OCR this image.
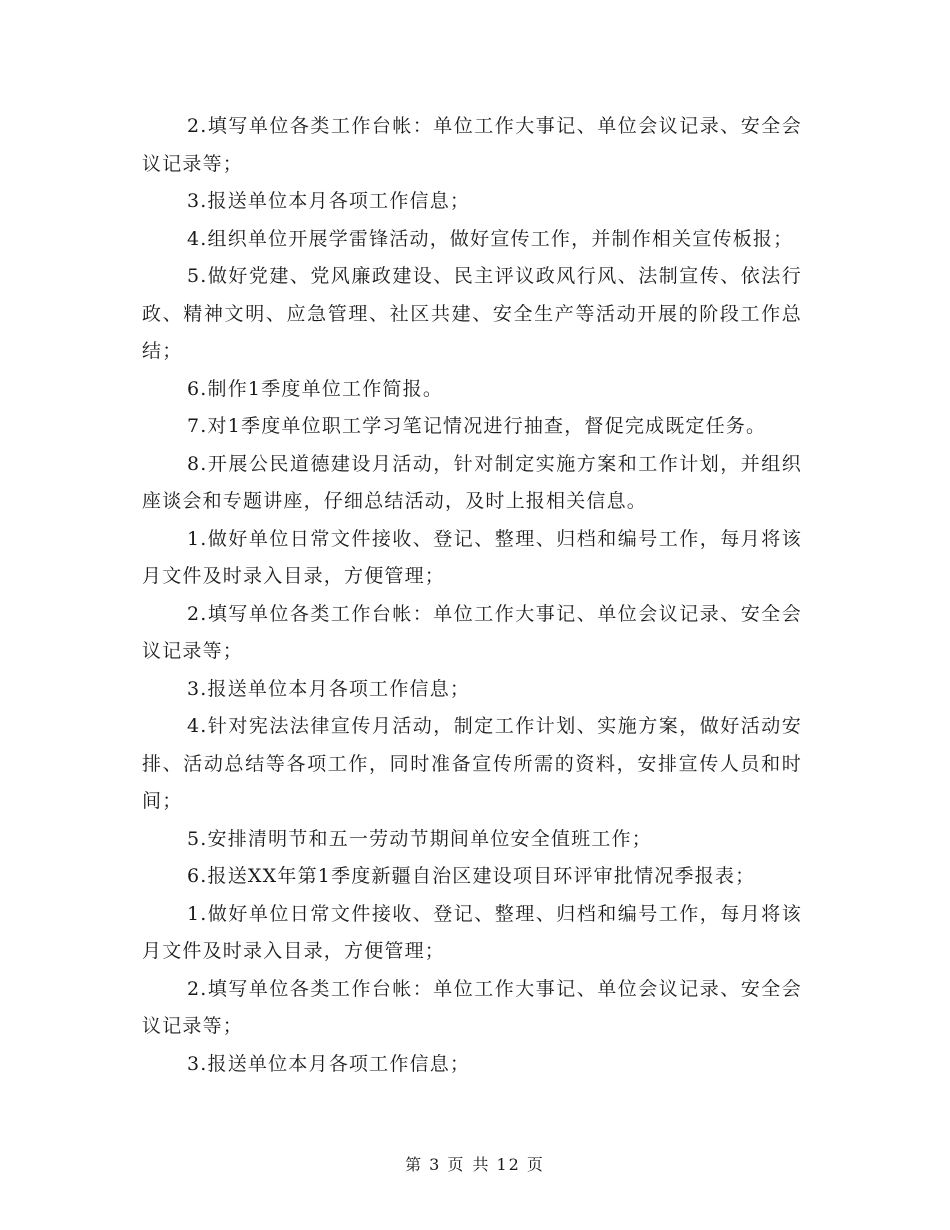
2.填写单位各类工作台帐：单位工作大事记、单位会议记录、安全会议记录等；

3.报送单位本月各项工作信息；

4.组织单位开展学雷锋活动，做好宣传工作，并制作相关宣传板报；

5.做好党建、党风廉政建设、民主评议政风行风、法制宣传、依法行政、精神文明、应急管理、社区共建、安全生产等活动开展的阶段工作总结；

6.制作1季度单位工作简报。

7.对1季度单位职工学习笔记情况进行抽查，督促完成既定任务。

8.开展公民道德建设月活动，针对制定实施方案和工作计划，并组织座谈会和专题讲座，仔细总结活动，及时上报相关信息。

1.做好单位日常文件接收、登记、整理、归档和编号工作，每月将该月文件及时录入目录，方便管理；

2.填写单位各类工作台帐：单位工作大事记、单位会议记录、安全会议记录等；

3.报送单位本月各项工作信息；

4.针对宪法法律宣传月活动，制定工作计划、实施方案，做好活动安排、活动总结等各项工作，同时准备宣传所需的资料，安排宣传人员和时间；

5.安排清明节和五一劳动节期间单位安全值班工作；

6.报送XX年第1季度新疆自治区建设项目环评审批情况季报表；

1.做好单位日常文件接收、登记、整理、归档和编号工作，每月将该月文件及时录入目录，方便管理；

2.填写单位各类工作台帐：单位工作大事记、单位会议记录、安全会议记录等；

3.报送单位本月各项工作信息；

第 3 页 共 12 页
